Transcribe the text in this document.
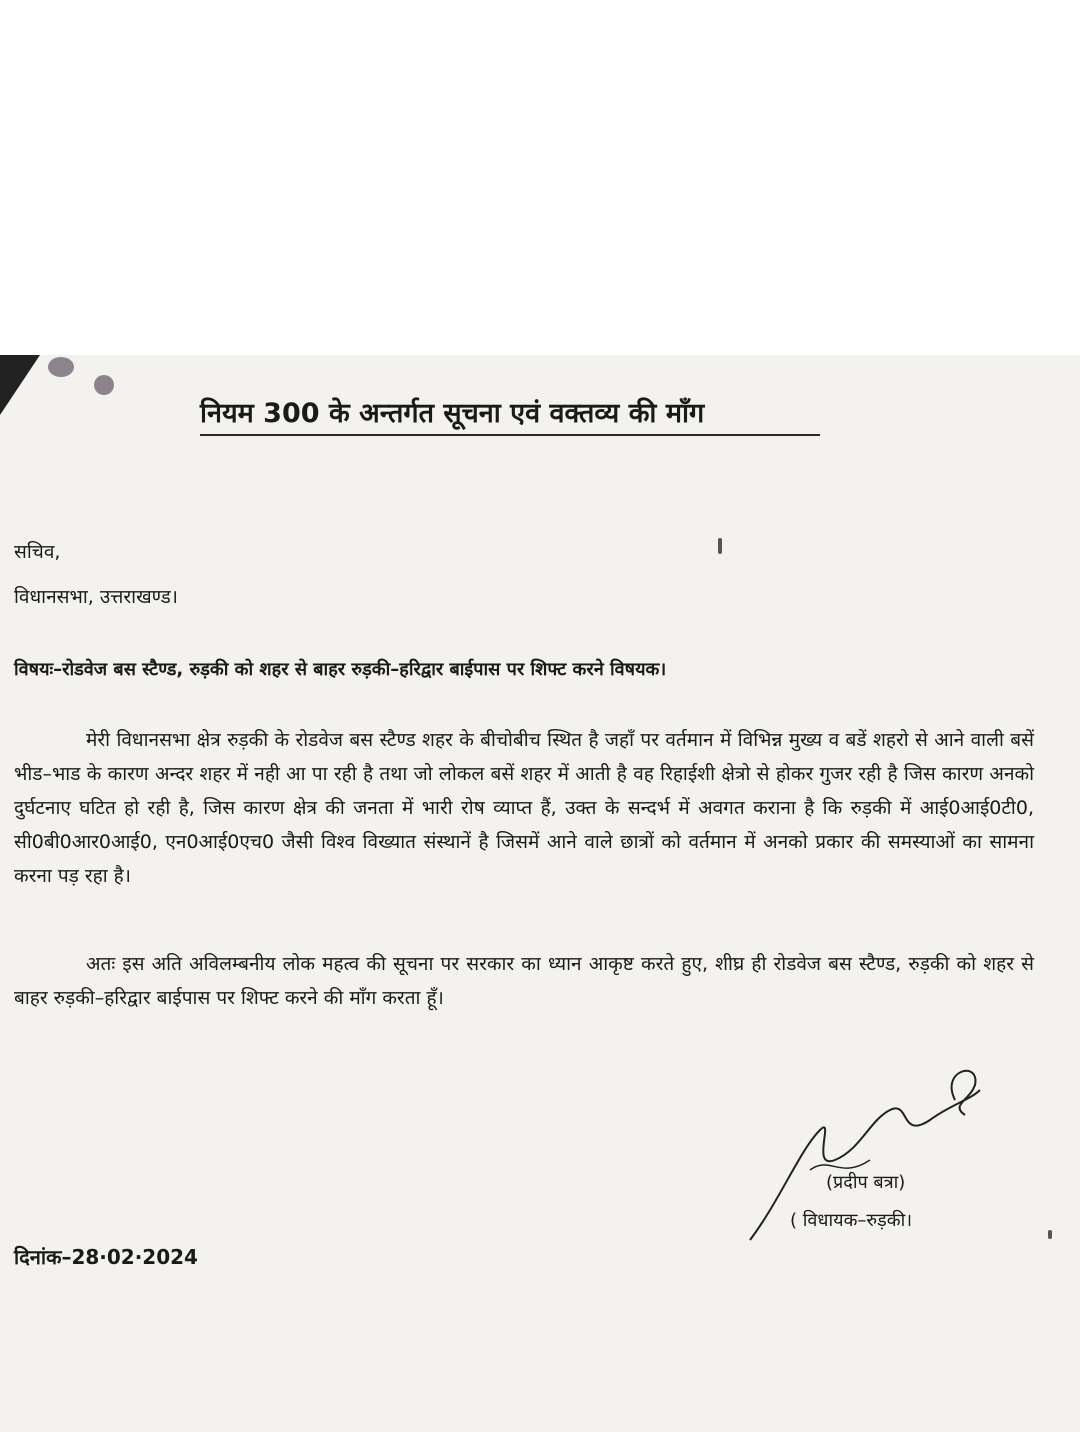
नियम 300 के अन्तर्गत सूचना एवं वक्तव्य की माँग
सचिव,
विधानसभा, उत्तराखण्ड।
विषयः–रोडवेज बस स्टैण्ड, रुड़की को शहर से बाहर रुड़की–हरिद्वार बाईपास पर शिफ्ट करने विषयक।
मेरी विधानसभा क्षेत्र रुड़की के रोडवेज बस स्टैण्ड शहर के बीचोबीच स्थित है जहाँ पर वर्तमान में विभिन्न मुख्य व बडें शहरो से आने वाली बसें भीड–भाड के कारण अन्दर शहर में नही आ पा रही है तथा जो लोकल बसें शहर में आती है वह रिहाईशी क्षेत्रो से होकर गुजर रही है जिस कारण अनको दुर्घटनाए घटित हो रही है, जिस कारण क्षेत्र की जनता में भारी रोष व्याप्त हैं, उक्त के सन्दर्भ में अवगत कराना है कि रुड़की में आई0आई0टी0, सी0बी0आर0आई0, एन0आई0एच0 जैसी विश्व विख्यात संस्थानें है जिसमें आने वाले छात्रों को वर्तमान में अनको प्रकार की समस्याओं का सामना करना पड़ रहा है।
अतः इस अति अविलम्बनीय लोक महत्व की सूचना पर सरकार का ध्यान आकृष्ट करते हुए, शीघ्र ही रोडवेज बस स्टैण्ड, रुड़की को शहर से बाहर रुड़की–हरिद्वार बाईपास पर शिफ्ट करने की माँग करता हूँ।
(प्रदीप बत्रा)
( विधायक–रुड़की।
दिनांक–28·02·2024
